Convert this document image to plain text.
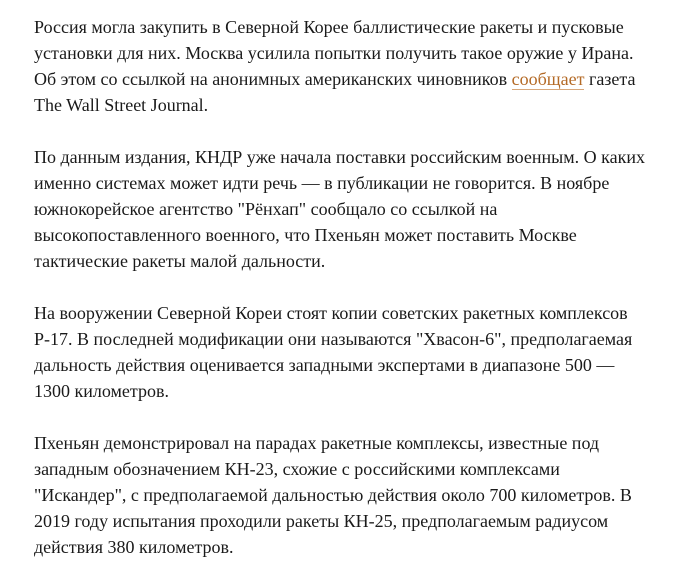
Россия могла закупить в Северной Корее баллистические ракеты и пусковые
установки для них. Москва усилила попытки получить такое оружие у Ирана.
Об этом со ссылкой на анонимных американских чиновников сообщает газета
The Wall Street Journal.

По данным издания, КНДР уже начала поставки российским военным. О каких
именно системах может идти речь — в публикации не говорится. В ноябре
южнокорейское агентство "Рёнхап" сообщало со ссылкой на
высокопоставленного военного, что Пхеньян может поставить Москве
тактические ракеты малой дальности.

На вооружении Северной Кореи стоят копии советских ракетных комплексов
Р-17. В последней модификации они называются "Хвасон-6", предполагаемая
дальность действия оценивается западными экспертами в диапазоне 500 —
1300 километров.

Пхеньян демонстрировал на парадах ракетные комплексы, известные под
западным обозначением КН-23, схожие с российскими комплексами
"Искандер", с предполагаемой дальностью действия около 700 километров. В
2019 году испытания проходили ракеты КН-25, предполагаемым радиусом
действия 380 километров.
